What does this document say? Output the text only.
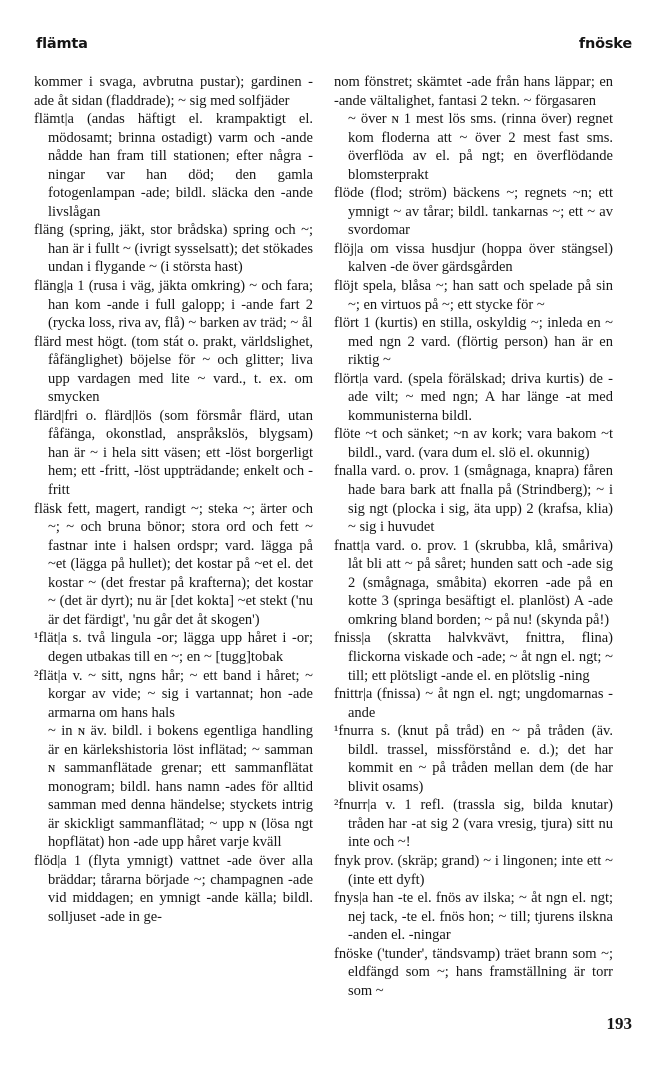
flämta	fnöske

kommer i svaga, avbrutna pustar); gardinen -ade åt sidan (fladdrade); ~ sig med solfjäder

flämt|a (andas häftigt el. krampaktigt el. mödosamt; brinna ostadigt) varm och -ande nådde han fram till stationen; efter några -ningar var han död; den gamla fotogenlampan -ade; bildl. släcka den -ande livslågan

fläng (spring, jäkt, stor brådska) spring och ~; han är i fullt ~ (ivrigt sysselsatt); det stökades undan i flygande ~ (i största hast)

fläng|a 1 (rusa i väg, jäkta omkring) ~ och fara; han kom -ande i full galopp; i -ande fart 2 (rycka loss, riva av, flå) ~ barken av träd; ~ ål

flärd mest högt. (tom stát o. prakt, världslighet, fåfänglighet) böjelse för ~ och glitter; liva upp vardagen med lite ~ vard., t. ex. om smycken

flärd|fri o. flärd|lös (som försmår flärd, utan fåfänga, okonstlad, anspråkslös, blygsam) han är ~ i hela sitt väsen; ett -löst borgerligt hem; ett -fritt, -löst uppträdande; enkelt och -fritt

fläsk fett, magert, randigt ~; steka ~; ärter och ~; ~ och bruna bönor; stora ord och fett ~ fastnar inte i halsen ordspr; vard. lägga på ~et (lägga på hullet); det kostar på ~et el. det kostar ~ (det frestar på krafterna); det kostar ~ (det är dyrt); nu är [det kokta] ~et stekt ('nu är det färdigt', 'nu går det åt skogen')

¹flät|a s. två lingula -or; lägga upp håret i -or; degen utbakas till en ~; en ~ [tugg]tobak

²flät|a v. ~ sitt, ngns hår; ~ ett band i håret; ~ korgar av vide; ~ sig i vartannat; hon -ade armarna om hans hals

~ in ɴ äv. bildl. i bokens egentliga handling är en kärlekshistoria löst inflätad; ~ samman ɴ sammanflätade grenar; ett sammanflätat monogram; bildl. hans namn -ades för alltid samman med denna händelse; styckets intrig är skickligt sammanflätad; ~ upp ɴ (lösa ngt hopflätat) hon -ade upp håret varje kväll

flöd|a 1 (flyta ymnigt) vattnet -ade över alla bräddar; tårarna började ~; champagnen -ade vid middagen; en ymnigt -ande källa; bildl. solljuset -ade in ge-

nom fönstret; skämtet -ade från hans läppar; en -ande vältalighet, fantasi 2 tekn. ~ förgasaren

~ över ɴ 1 mest lös sms. (rinna över) regnet kom floderna att ~ över 2 mest fast sms. överflöda av el. på ngt; en överflödande blomsterprakt

flöde (flod; ström) bäckens ~; regnets ~n; ett ymnigt ~ av tårar; bildl. tankarnas ~; ett ~ av svordomar

flöj|a om vissa husdjur (hoppa över stängsel) kalven -de över gärdsgården

flöjt spela, blåsa ~; han satt och spelade på sin ~; en virtuos på ~; ett stycke för ~

flört 1 (kurtis) en stilla, oskyldig ~; inleda en ~ med ngn 2 vard. (flörtig person) han är en riktig ~

flört|a vard. (spela förälskad; driva kurtis) de -ade vilt; ~ med ngn; A har länge -at med kommunisterna bildl.

flöte ~t och sänket; ~n av kork; vara bakom ~t bildl., vard. (vara dum el. slö el. okunnig)

fnalla vard. o. prov. 1 (smågnaga, knapra) fåren hade bara bark att fnalla på (Strindberg); ~ i sig ngt (plocka i sig, äta upp) 2 (krafsa, klia) ~ sig i huvudet

fnatt|a vard. o. prov. 1 (skrubba, klå, småriva) låt bli att ~ på såret; hunden satt och -ade sig 2 (smågnaga, småbita) ekorren -ade på en kotte 3 (springa besäftigt el. planlöst) A -ade omkring bland borden; ~ på nu! (skynda på!)

fniss|a (skratta halvkvävt, fnittra, flina) flickorna viskade och -ade; ~ åt ngn el. ngt; ~ till; ett plötsligt -ande el. en plötslig -ning

fnittr|a (fnissa) ~ åt ngn el. ngt; ungdomarnas -ande

¹fnurra s. (knut på tråd) en ~ på tråden (äv. bildl. trassel, missförstånd e. d.); det har kommit en ~ på tråden mellan dem (de har blivit osams)

²fnurr|a v. 1 refl. (trassla sig, bilda knutar) tråden har -at sig 2 (vara vresig, tjura) sitt nu inte och ~!

fnyk prov. (skräp; grand) ~ i lingonen; inte ett ~ (inte ett dyft)

fnys|a han -te el. fnös av ilska; ~ åt ngn el. ngt; nej tack, -te el. fnös hon; ~ till; tjurens ilskna -anden el. -ningar

fnöske ('tunder', tändsvamp) träet brann som ~; eldfängd som ~; hans framställning är torr som ~

193
